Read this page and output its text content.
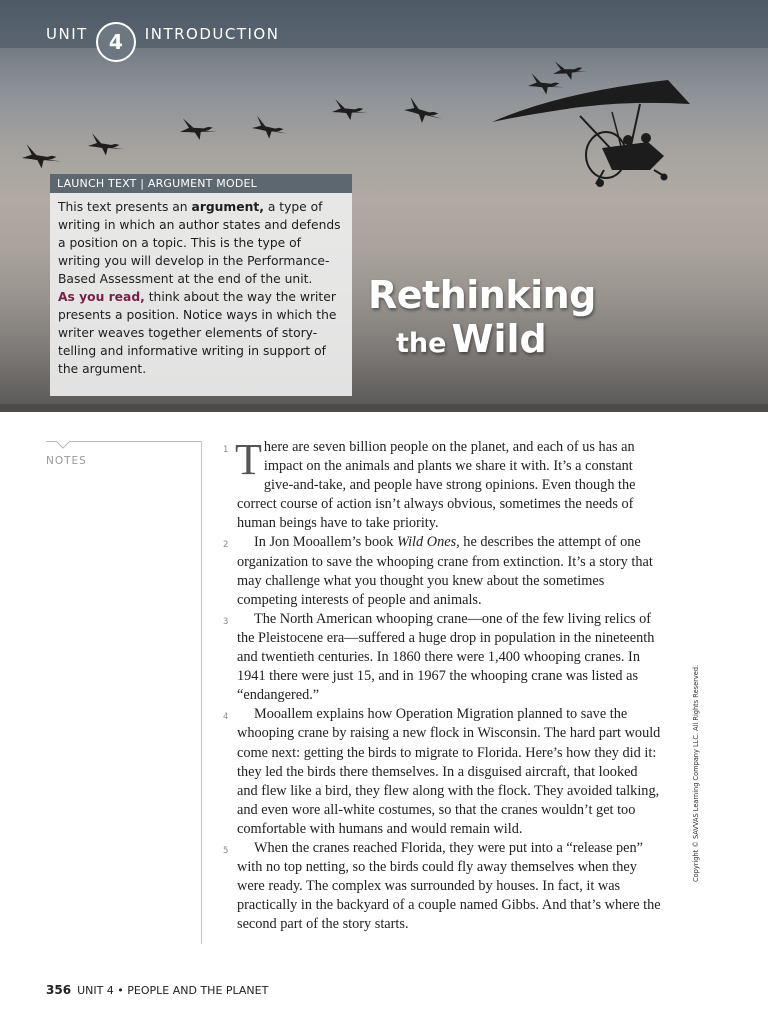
UNIT	4	INTRODUCTION
LAUNCH TEXT | ARGUMENT MODEL
This text presents an argument, a type of writing in which an author states and defends a position on a topic. This is the type of writing you will develop in the Performance-Based Assessment at the end of the unit.
As you read, think about the way the writer presents a position. Notice ways in which the writer weaves together elements of story-telling and informative writing in support of the argument.
Rethinking
the Wild
NOTES

1 T here are seven billion people on the planet, and each of us has an impact on the animals and plants we share it with. It’s a constant give-and-take, and people have strong opinions. Even though the correct course of action isn’t always obvious, sometimes the needs of human beings have to take priority.

2 In Jon Mooallem’s book Wild Ones, he describes the attempt of one organization to save the whooping crane from extinction. It’s a story that may challenge what you thought you knew about the sometimes competing interests of people and animals.

3 The North American whooping crane—one of the few living relics of the Pleistocene era—suffered a huge drop in population in the nineteenth and twentieth centuries. In 1860 there were 1,400 whooping cranes. In 1941 there were just 15, and in 1967 the whooping crane was listed as “endangered.”

4 Mooallem explains how Operation Migration planned to save the whooping crane by raising a new flock in Wisconsin. The hard part would come next: getting the birds to migrate to Florida. Here’s how they did it: they led the birds there themselves. In a disguised aircraft, that looked and flew like a bird, they flew along with the flock. They avoided talking, and even wore all-white costumes, so that the cranes wouldn’t get too comfortable with humans and would remain wild.

5 When the cranes reached Florida, they were put into a “release pen” with no top netting, so the birds could fly away themselves when they were ready. The complex was surrounded by houses. In fact, it was practically in the backyard of a couple named Gibbs. And that’s where the second part of the story starts.

Copyright © SAVVAS Learning Company LLC. All Rights Reserved.
356 UNIT 4 • PEOPLE AND THE PLANET
